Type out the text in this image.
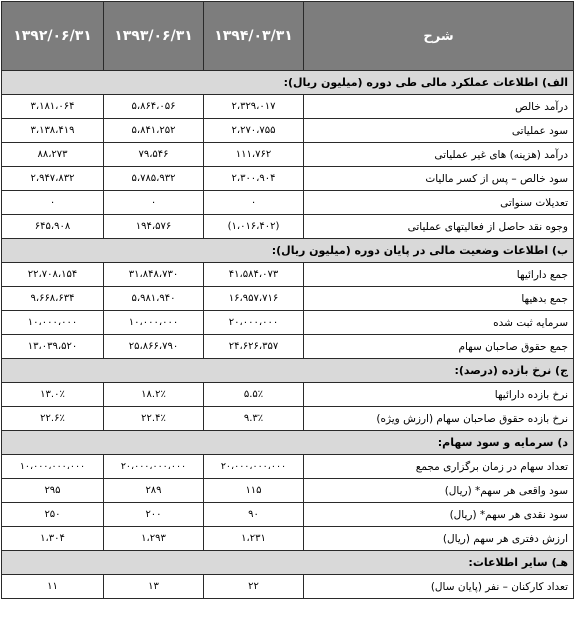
شرح	۱۳۹۴/۰۳/۳۱	۱۳۹۳/۰۶/۳۱	۱۳۹۲/۰۶/۳۱
الف) اطلاعات عملکرد مالی طی دوره (میلیون ریال):			
درآمد خالص	۲،۳۲۹،۰۱۷	۵،۸۶۴،۰۵۶	۳،۱۸۱،۰۶۴
سود عملیاتی	۲،۲۷۰،۷۵۵	۵،۸۴۱،۲۵۲	۳،۱۳۸،۴۱۹
درآمد (هزینه) های غیر عملیاتی	۱۱۱،۷۶۲	۷۹،۵۴۶	۸۸،۲۷۳
سود خالص – پس از کسر مالیات	۲،۳۰۰،۹۰۴	۵،۷۸۵،۹۳۲	۲،۹۴۷،۸۳۲
تعدیلات سنواتی	۰	۰	۰
وجوه نقد حاصل از فعالیتهای عملیاتی	(۱،۰۱۶،۴۰۲)	۱۹۴،۵۷۶	۶۴۵،۹۰۸
ب) اطلاعات وضعیت مالی در پایان دوره (میلیون ریال):			
جمع دارائیها	۴۱،۵۸۴،۰۷۳	۳۱،۸۴۸،۷۳۰	۲۲،۷۰۸،۱۵۴
جمع بدهیها	۱۶،۹۵۷،۷۱۶	۵،۹۸۱،۹۴۰	۹،۶۶۸،۶۳۴
سرمایه ثبت شده	۲۰،۰۰۰،۰۰۰	۱۰،۰۰۰،۰۰۰	۱۰،۰۰۰،۰۰۰
جمع حقوق صاحبان سهام	۲۴،۶۲۶،۳۵۷	۲۵،۸۶۶،۷۹۰	۱۳،۰۳۹،۵۲۰
ج) نرخ بازده (درصد):			
نرخ بازده دارائیها	۵.۵٪	۱۸.۲٪	۱۳.۰٪
نرخ بازده حقوق صاحبان سهام (ارزش ویژه)	۹.۳٪	۲۲.۴٪	۲۲.۶٪
د) سرمایه و سود سهام:			
تعداد سهام در زمان برگزاری مجمع	۲۰،۰۰۰،۰۰۰،۰۰۰	۲۰،۰۰۰،۰۰۰،۰۰۰	۱۰،۰۰۰،۰۰۰،۰۰۰
سود واقعی هر سهم* (ریال)	۱۱۵	۲۸۹	۲۹۵
سود نقدی هر سهم* (ریال)	۹۰	۲۰۰	۲۵۰
ارزش دفتری هر سهم (ریال)	۱،۲۳۱	۱،۲۹۳	۱،۳۰۴
هـ) سایر اطلاعات:			
تعداد کارکنان – نفر (پایان سال)	۲۲	۱۳	۱۱
